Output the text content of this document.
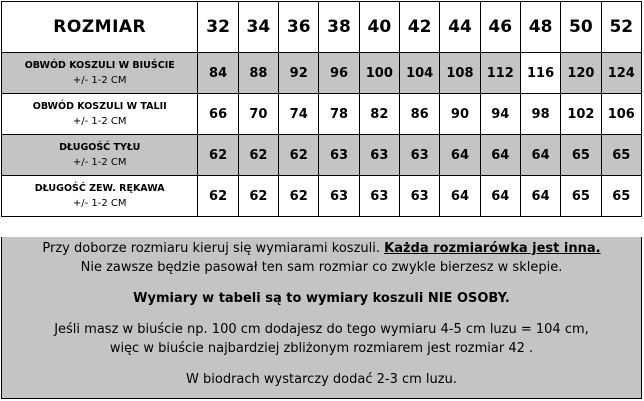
ROZMIAR	32	34	36	38	40	42	44	46	48	50	52

OBWÓD KOSZULI W BIUŚCIE
+/- 1-2 CM	84	88	92	96	100	104	108	112	116	120	124

OBWÓD KOSZULI W TALII
+/- 1-2 CM	66	70	74	78	82	86	90	94	98	102	106

DŁUGOŚĆ TYŁU
+/- 1-2 CM	62	62	62	63	63	63	64	64	64	65	65

DŁUGOŚĆ ZEW. RĘKAWA
+/- 1-2 CM	62	62	62	63	63	63	64	64	64	65	65

Przy doborze rozmiaru kieruj się wymiarami koszuli. Każda rozmiarówka jest inna.

Nie zawsze będzie pasował ten sam rozmiar co zwykle bierzesz w sklepie.

Wymiary w tabeli są to wymiary koszuli NIE OSOBY.

Jeśli masz w biuście np. 100 cm dodajesz do tego wymiaru 4-5 cm luzu = 104 cm,

więc w biuście najbardziej zbliżonym rozmiarem jest rozmiar 42 .

W biodrach wystarczy dodać 2-3 cm luzu.
